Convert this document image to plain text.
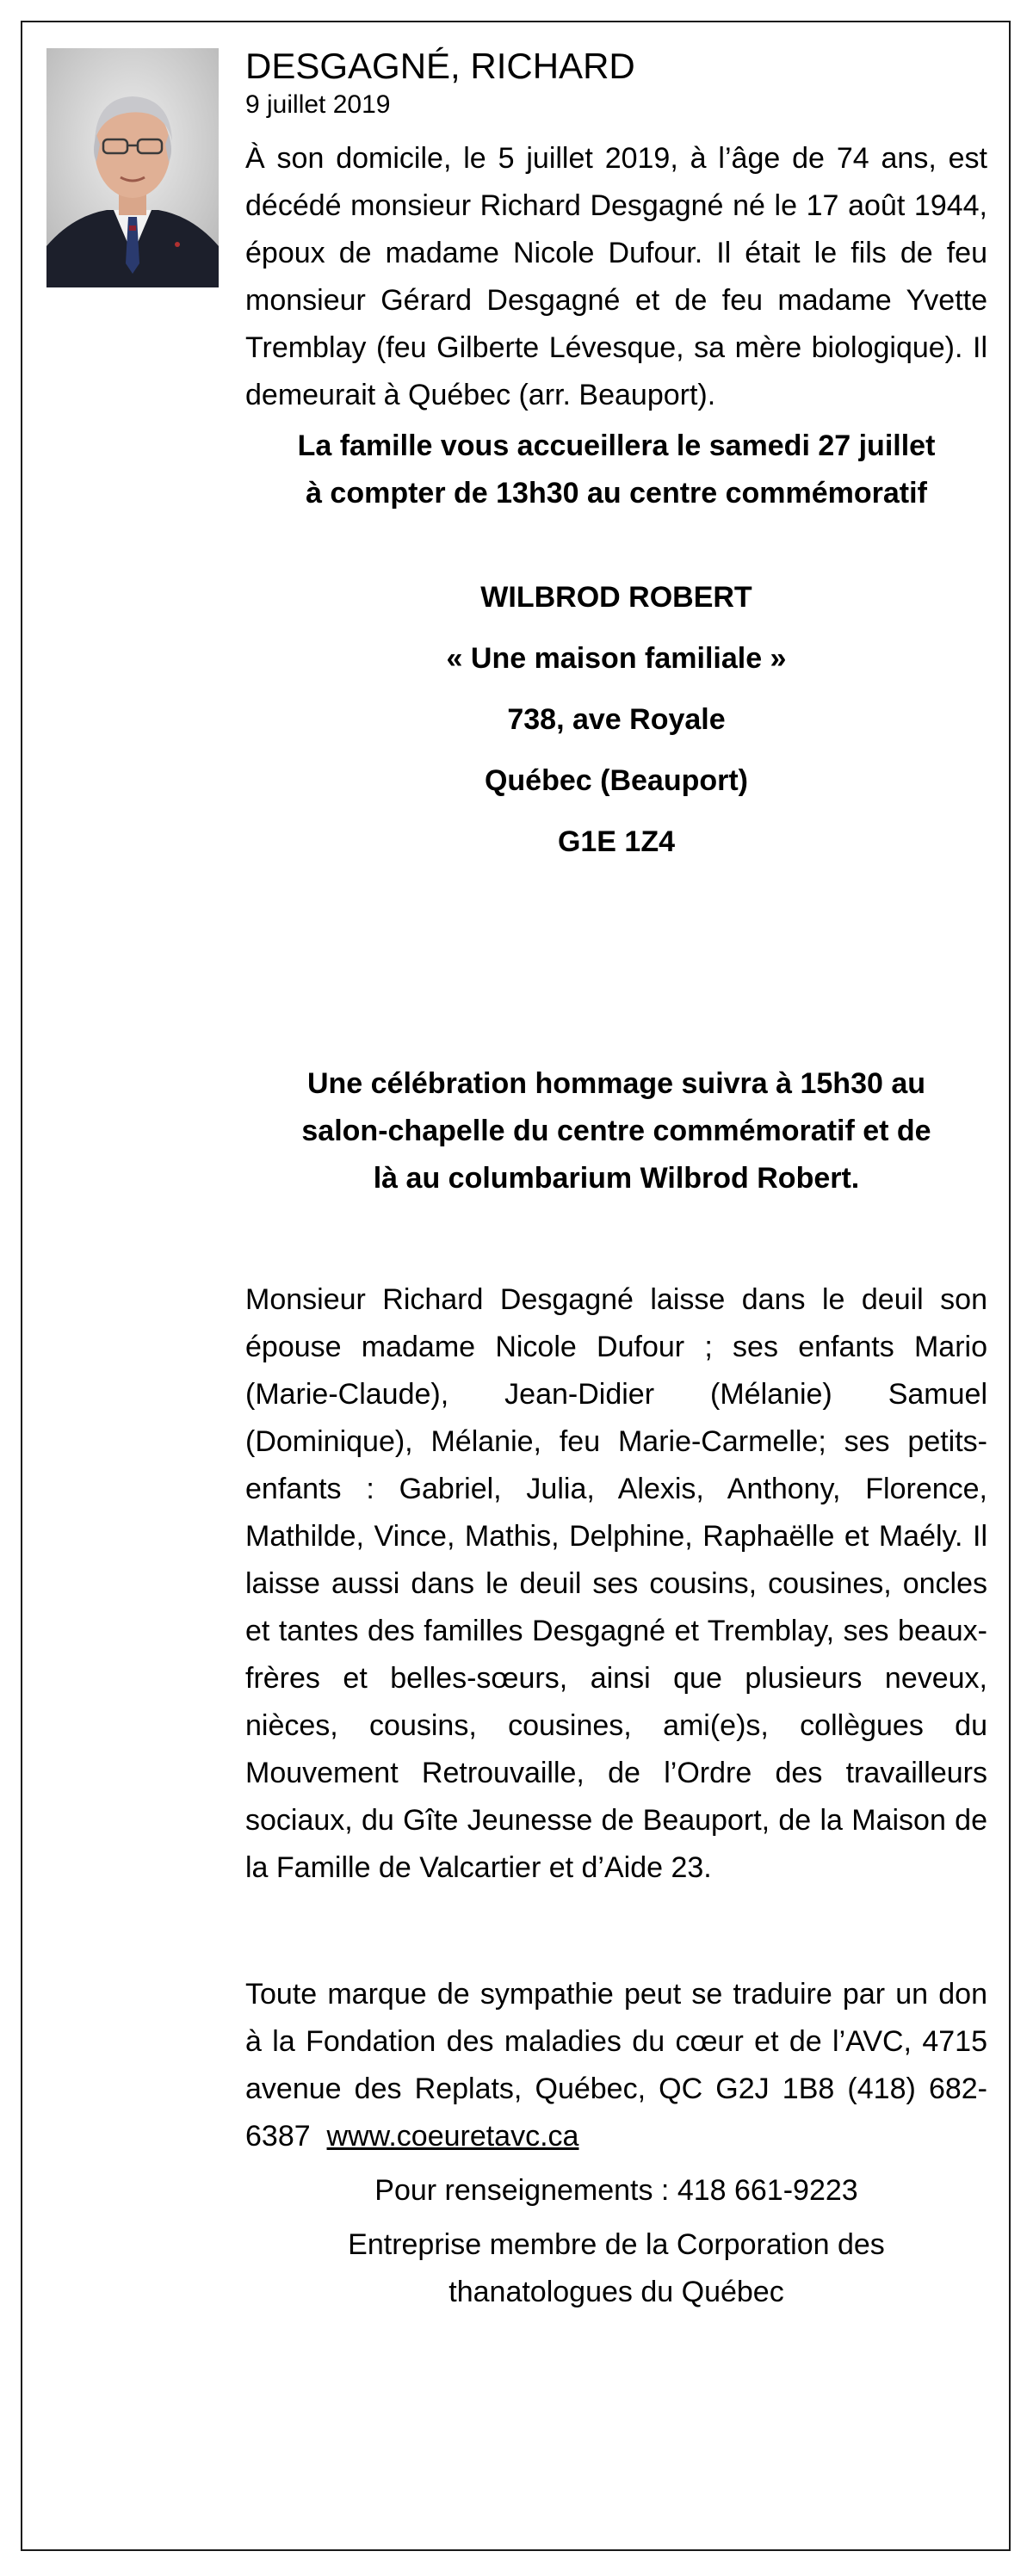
DESGAGNÉ, RICHARD

9 juillet 2019

À son domicile, le 5 juillet 2019, à l’âge de 74 ans, est décédé monsieur Richard Desgagné né le 17 août 1944, époux de madame Nicole Dufour. Il était le fils de feu monsieur Gérard Desgagné et de feu madame Yvette Tremblay (feu Gilberte Lévesque, sa mère biologique). Il demeurait à Québec (arr. Beauport).

La famille vous accueillera le samedi 27 juillet

à compter de 13h30 au centre commémoratif

WILBROD ROBERT

« Une maison familiale »

738, ave Royale

Québec (Beauport)

G1E 1Z4

Une célébration hommage suivra à 15h30 au

salon-chapelle du centre commémoratif et de

là au columbarium Wilbrod Robert.

Monsieur Richard Desgagné laisse dans le deuil son épouse madame Nicole Dufour ; ses enfants Mario (Marie-Claude), Jean-Didier (Mélanie) Samuel (Dominique), Mélanie, feu Marie-Carmelle; ses petits-enfants : Gabriel, Julia, Alexis, Anthony, Florence, Mathilde, Vince, Mathis, Delphine, Raphaëlle et Maély. Il laisse aussi dans le deuil ses cousins, cousines, oncles et tantes des familles Desgagné et Tremblay, ses beaux-frères et belles-sœurs, ainsi que plusieurs neveux, nièces, cousins, cousines, ami(e)s, collègues du Mouvement Retrouvaille, de l’Ordre des travailleurs sociaux, du Gîte Jeunesse de Beauport, de la Maison de la Famille de Valcartier et d’Aide 23.

Toute marque de sympathie peut se traduire par un don à la Fondation des maladies du cœur et de l’AVC, 4715 avenue des Replats, Québec, QC G2J 1B8 (418) 682-6387 www.coeuretavc.ca

Pour renseignements : 418 661-9223

Entreprise membre de la Corporation des

thanatologues du Québec
